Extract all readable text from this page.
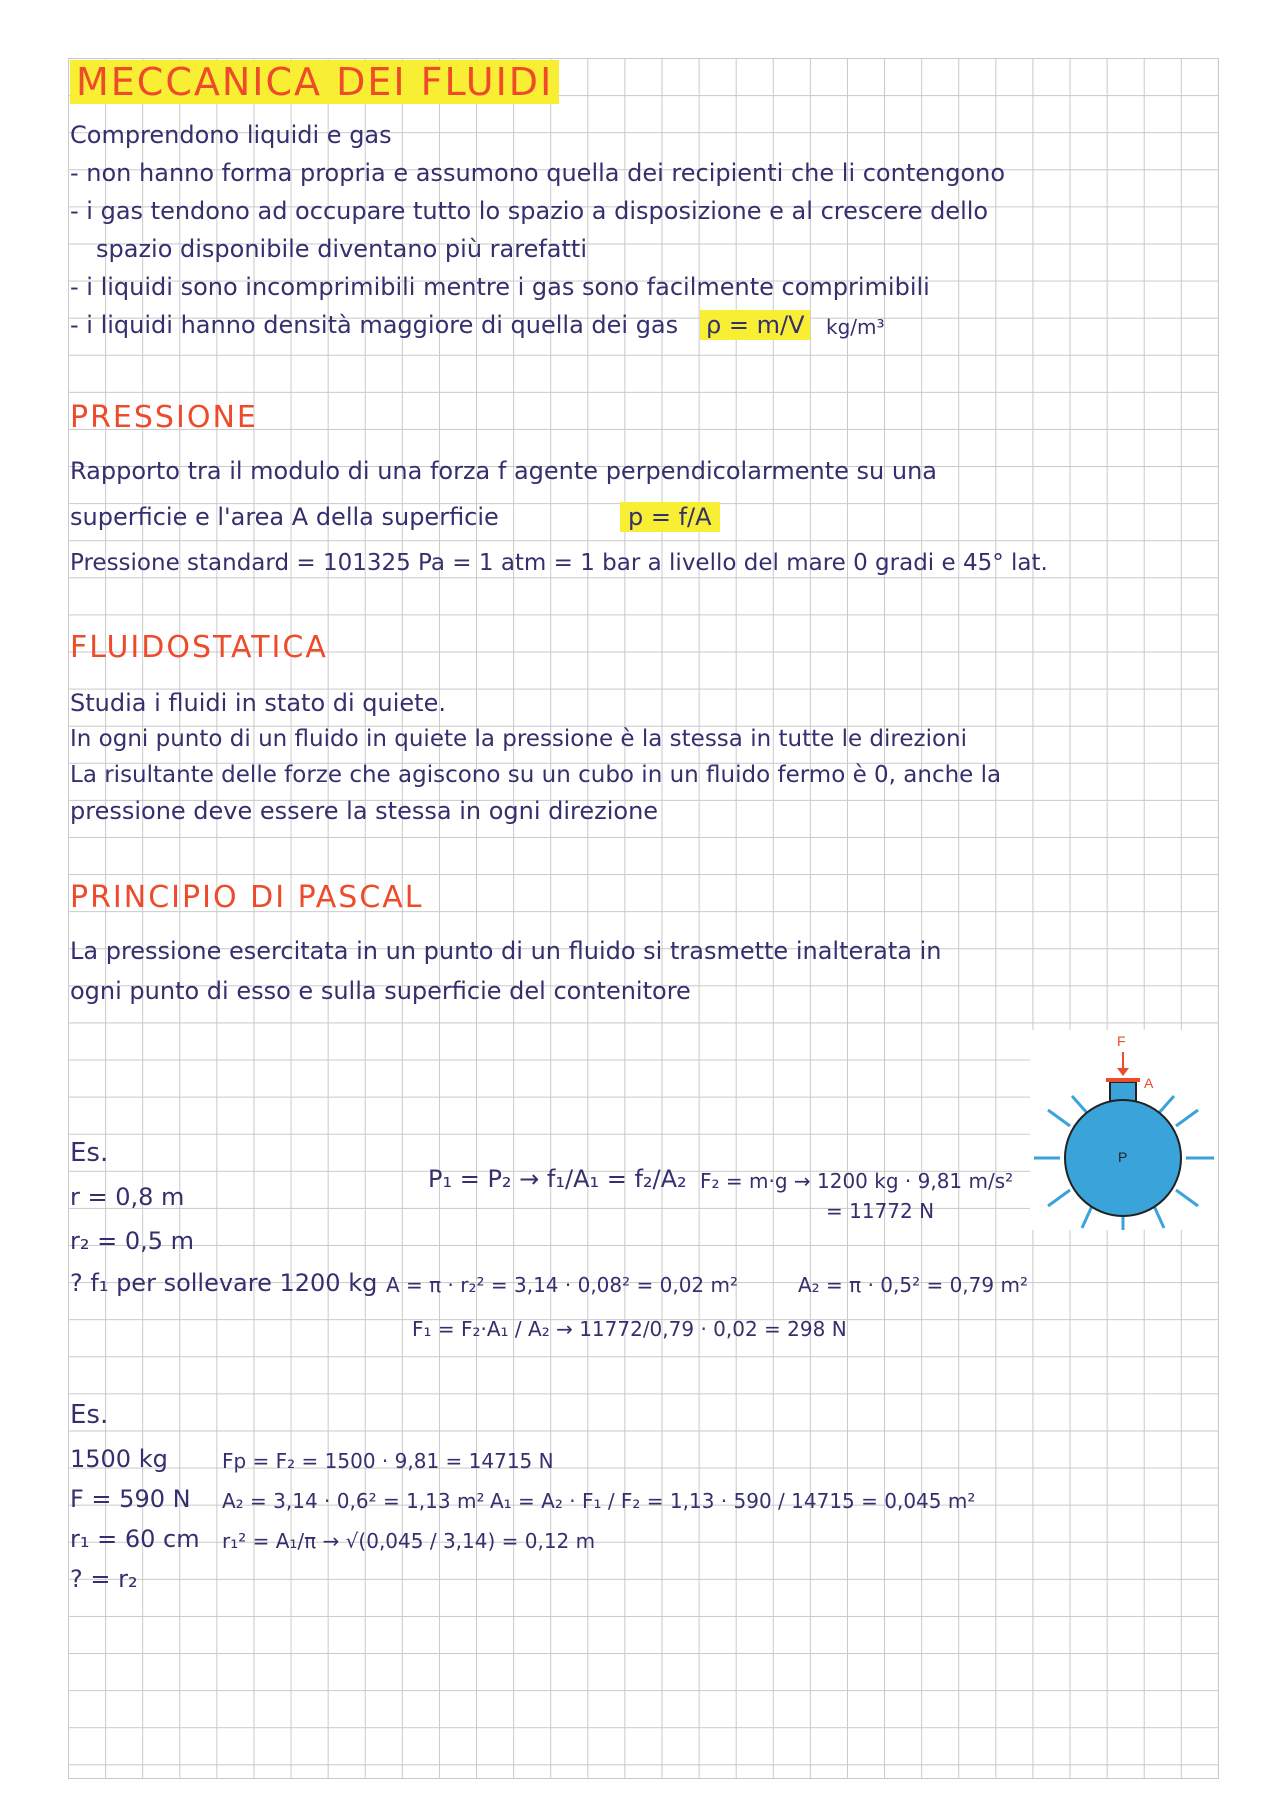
MECCANICA DEI FLUIDI
Comprendono liquidi e gas
- non hanno forma propria e assumono quella dei recipienti che li contengono
- i gas tendono ad occupare tutto lo spazio a disposizione e al crescere dello
spazio disponibile diventano più rarefatti
- i liquidi sono incomprimibili mentre i gas sono facilmente comprimibili
- i liquidi hanno densità maggiore di quella dei gas ρ = m/V	kg/m³
PRESSIONE
Rapporto tra il modulo di una forza f agente perpendicolarmente su una
superficie e l'area A della superficie	p = f/A
Pressione standard = 101325 Pa = 1 atm = 1 bar a livello del mare 0 gradi e 45° lat.
FLUIDOSTATICA
Studia i fluidi in stato di quiete.
In ogni punto di un fluido in quiete la pressione è la stessa in tutte le direzioni
La risultante delle forze che agiscono su un cubo in un fluido fermo è 0, anche la
pressione deve essere la stessa in ogni direzione
PRINCIPIO DI PASCAL
La pressione esercitata in un punto di un fluido si trasmette inalterata in
ogni punto di esso e sulla superficie del contenitore
F
A
P
Es.
r = 0,8 m
r₂ = 0,5 m
? f₁ per sollevare 1200 kg
P₁ = P₂ → f₁/A₁ = f₂/A₂ F₂ = m·g → 1200 kg · 9,81 m/s²
= 11772 N
A = π · r₂² = 3,14 · 0,08² = 0,02 m²	A₂ = π · 0,5² = 0,79 m²
F₁ = F₂·A₁ / A₂ → 11772/0,79 · 0,02 = 298 N
Es.
1500 kg
F = 590 N
r₁ = 60 cm
? = r₂
Fp = F₂ = 1500 · 9,81 = 14715 N
A₂ = 3,14 · 0,6² = 1,13 m² A₁ = A₂ · F₁ / F₂ = 1,13 · 590 / 14715 = 0,045 m²
r₁² = A₁/π → √(0,045 / 3,14) = 0,12 m
